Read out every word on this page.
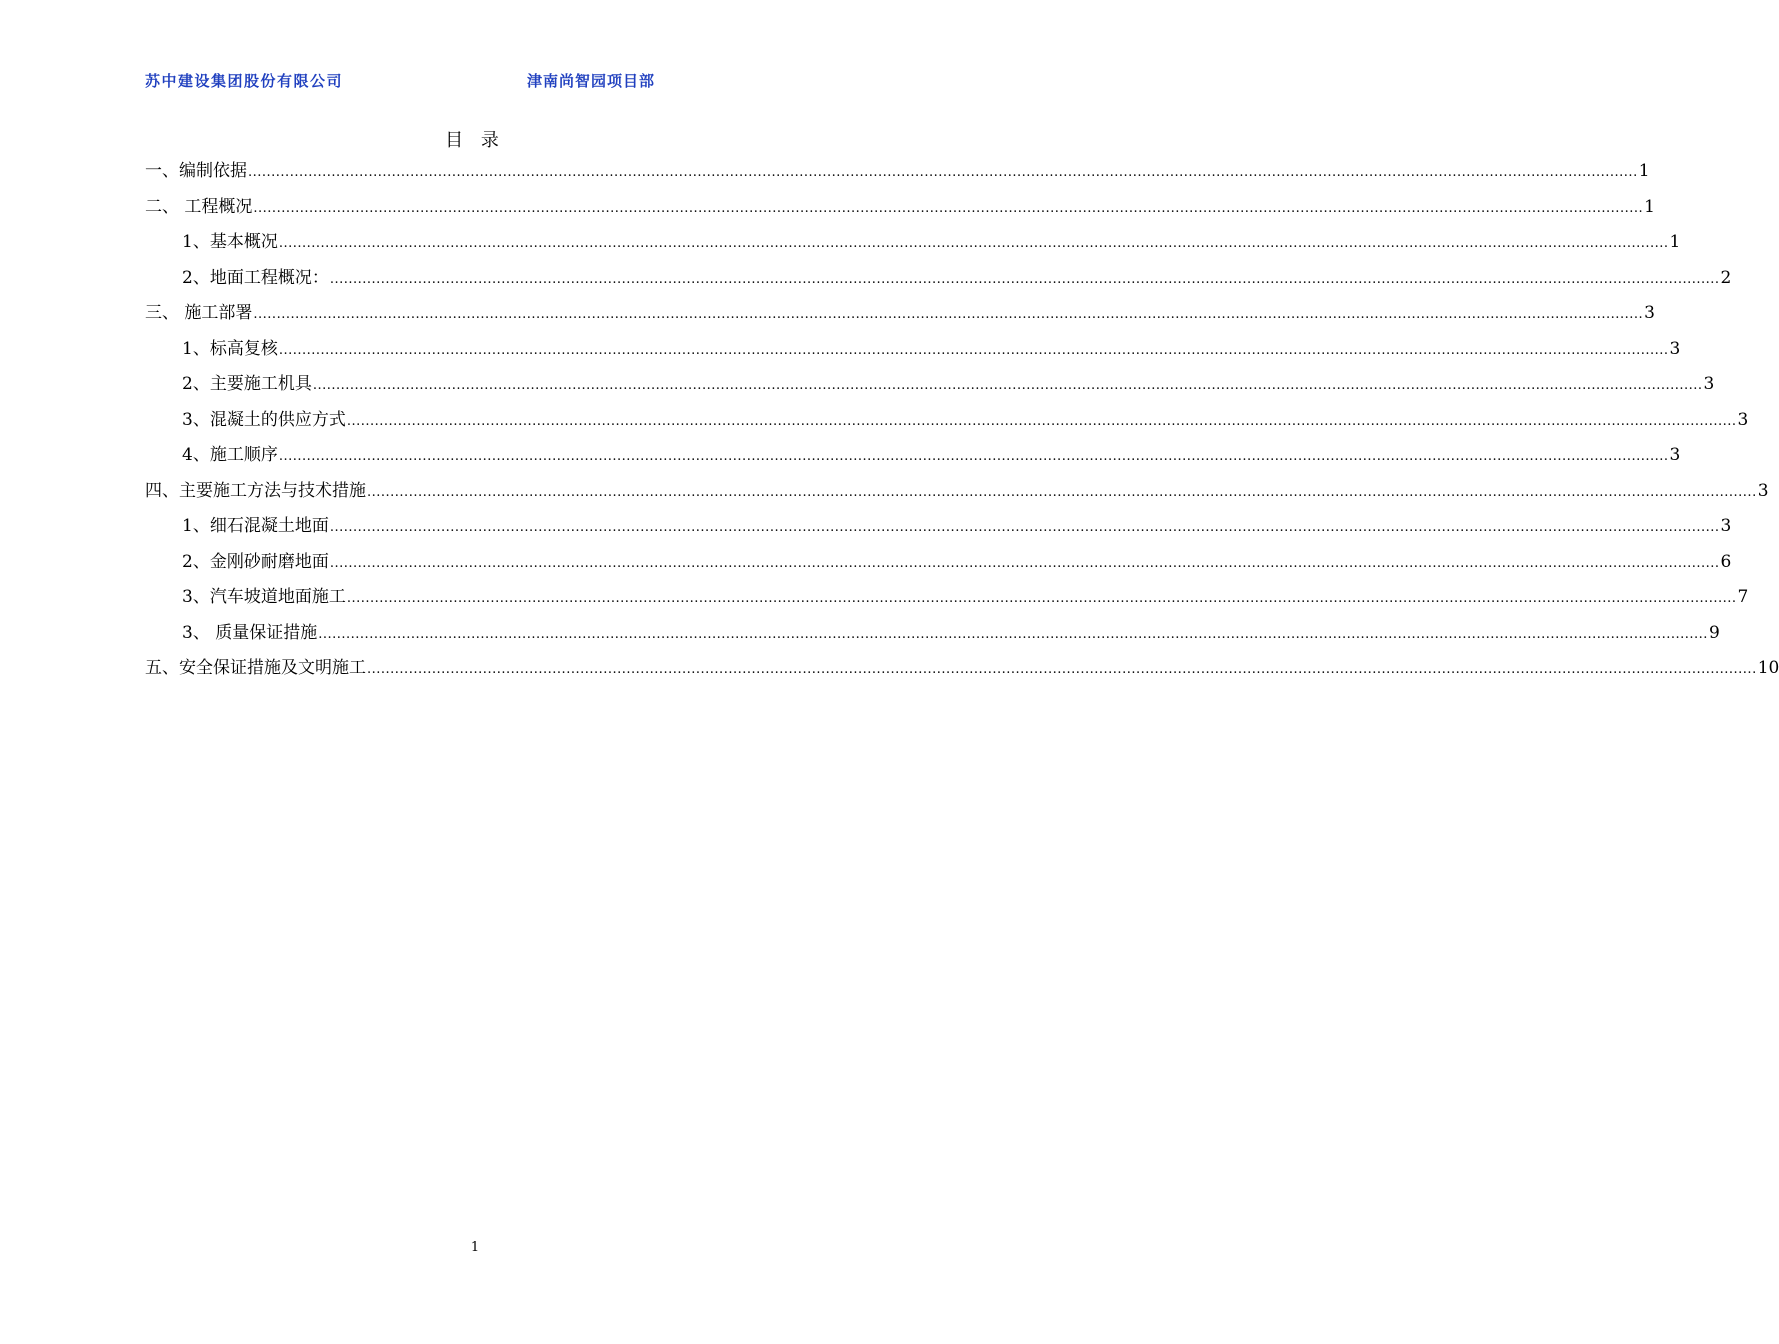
苏中建设集团股份有限公司	津南尚智园项目部
目 录
一、编制依据 ............................................................................................................................................................................................................................................................................................................ 1
二、 工程概况 ............................................................................................................................................................................................................................................................................................................ 1
1、基本概况 ............................................................................................................................................................................................................................................................................................................ 1
2、地面工程概况： ............................................................................................................................................................................................................................................................................................................ 2
三、 施工部署 ............................................................................................................................................................................................................................................................................................................ 3
1、标高复核 ............................................................................................................................................................................................................................................................................................................ 3
2、主要施工机具 ............................................................................................................................................................................................................................................................................................................ 3
3、混凝土的供应方式 ............................................................................................................................................................................................................................................................................................................ 3
4、施工顺序 ............................................................................................................................................................................................................................................................................................................ 3
四、主要施工方法与技术措施 ............................................................................................................................................................................................................................................................................................................ 3
1、细石混凝土地面 ............................................................................................................................................................................................................................................................................................................ 3
2、金刚砂耐磨地面 ............................................................................................................................................................................................................................................................................................................ 6
3、汽车坡道地面施工 ............................................................................................................................................................................................................................................................................................................ 7
3、 质量保证措施 ............................................................................................................................................................................................................................................................................................................ 9
五、安全保证措施及文明施工 ............................................................................................................................................................................................................................................................................................................ 10
1
